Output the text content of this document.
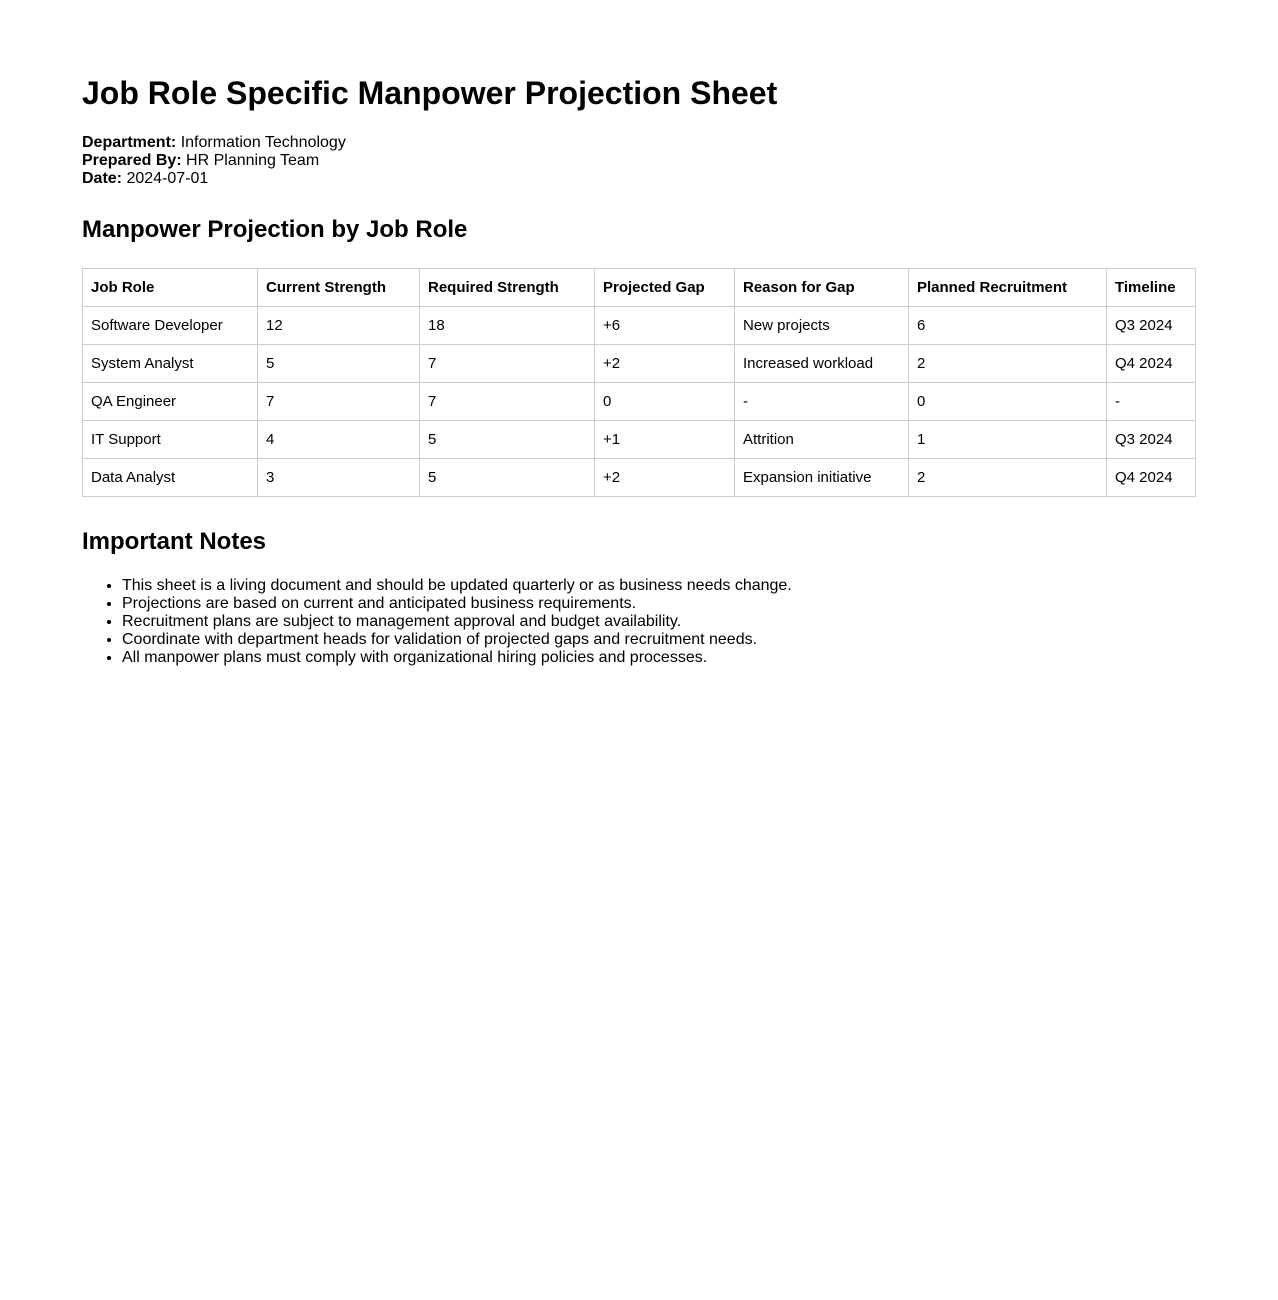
Job Role Specific Manpower Projection Sheet
Department: Information Technology
Prepared By: HR Planning Team
Date: 2024-07-01
Manpower Projection by Job Role
Job Role	Current Strength	Required Strength	Projected Gap	Reason for Gap	Planned Recruitment	Timeline
Software Developer	12	18	+6	New projects	6	Q3 2024
System Analyst	5	7	+2	Increased workload	2	Q4 2024
QA Engineer	7	7	0	-	0	-
IT Support	4	5	+1	Attrition	1	Q3 2024
Data Analyst	3	5	+2	Expansion initiative	2	Q4 2024
Important Notes
• This sheet is a living document and should be updated quarterly or as business needs change.
• Projections are based on current and anticipated business requirements.
• Recruitment plans are subject to management approval and budget availability.
• Coordinate with department heads for validation of projected gaps and recruitment needs.
• All manpower plans must comply with organizational hiring policies and processes.
